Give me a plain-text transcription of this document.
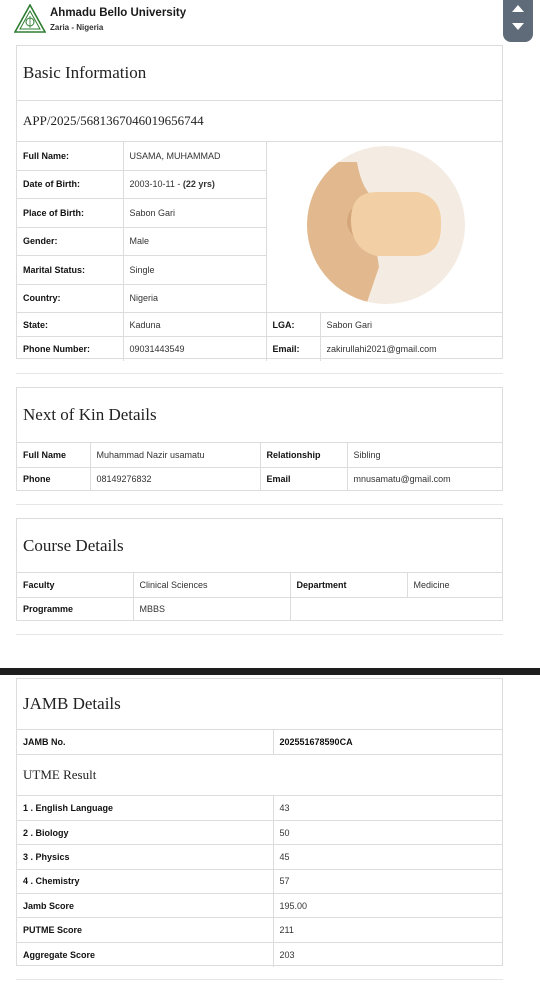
Ahmadu Bello University
Zaria - Nigeria
Basic Information
APP/2025/5681367046019656744
Full Name:	USAMA, MUHAMMAD	

Date of Birth:	2003-10-11 - (22 yrs)		
Place of Birth:	Sabon Gari		
Gender:	Male		
Marital Status:	Single		
Country:	Nigeria		
State:	Kaduna	LGA:	Sabon Gari
Phone Number:	09031443549	Email:	zakirullahi2021@gmail.com
Next of Kin Details
Full Name	Muhammad Nazir usamatu	Relationship	Sibling
Phone	08149276832	Email	mnusamatu@gmail.com
Course Details
Faculty	Clinical Sciences	Department	Medicine
Programme	MBBS		
JAMB Details
JAMB No.	202551678590CA
UTME Result
1 . English Language	43
2 . Biology	50
3 . Physics	45
4 . Chemistry	57
Jamb Score	195.00
PUTME Score	211
Aggregate Score	203
